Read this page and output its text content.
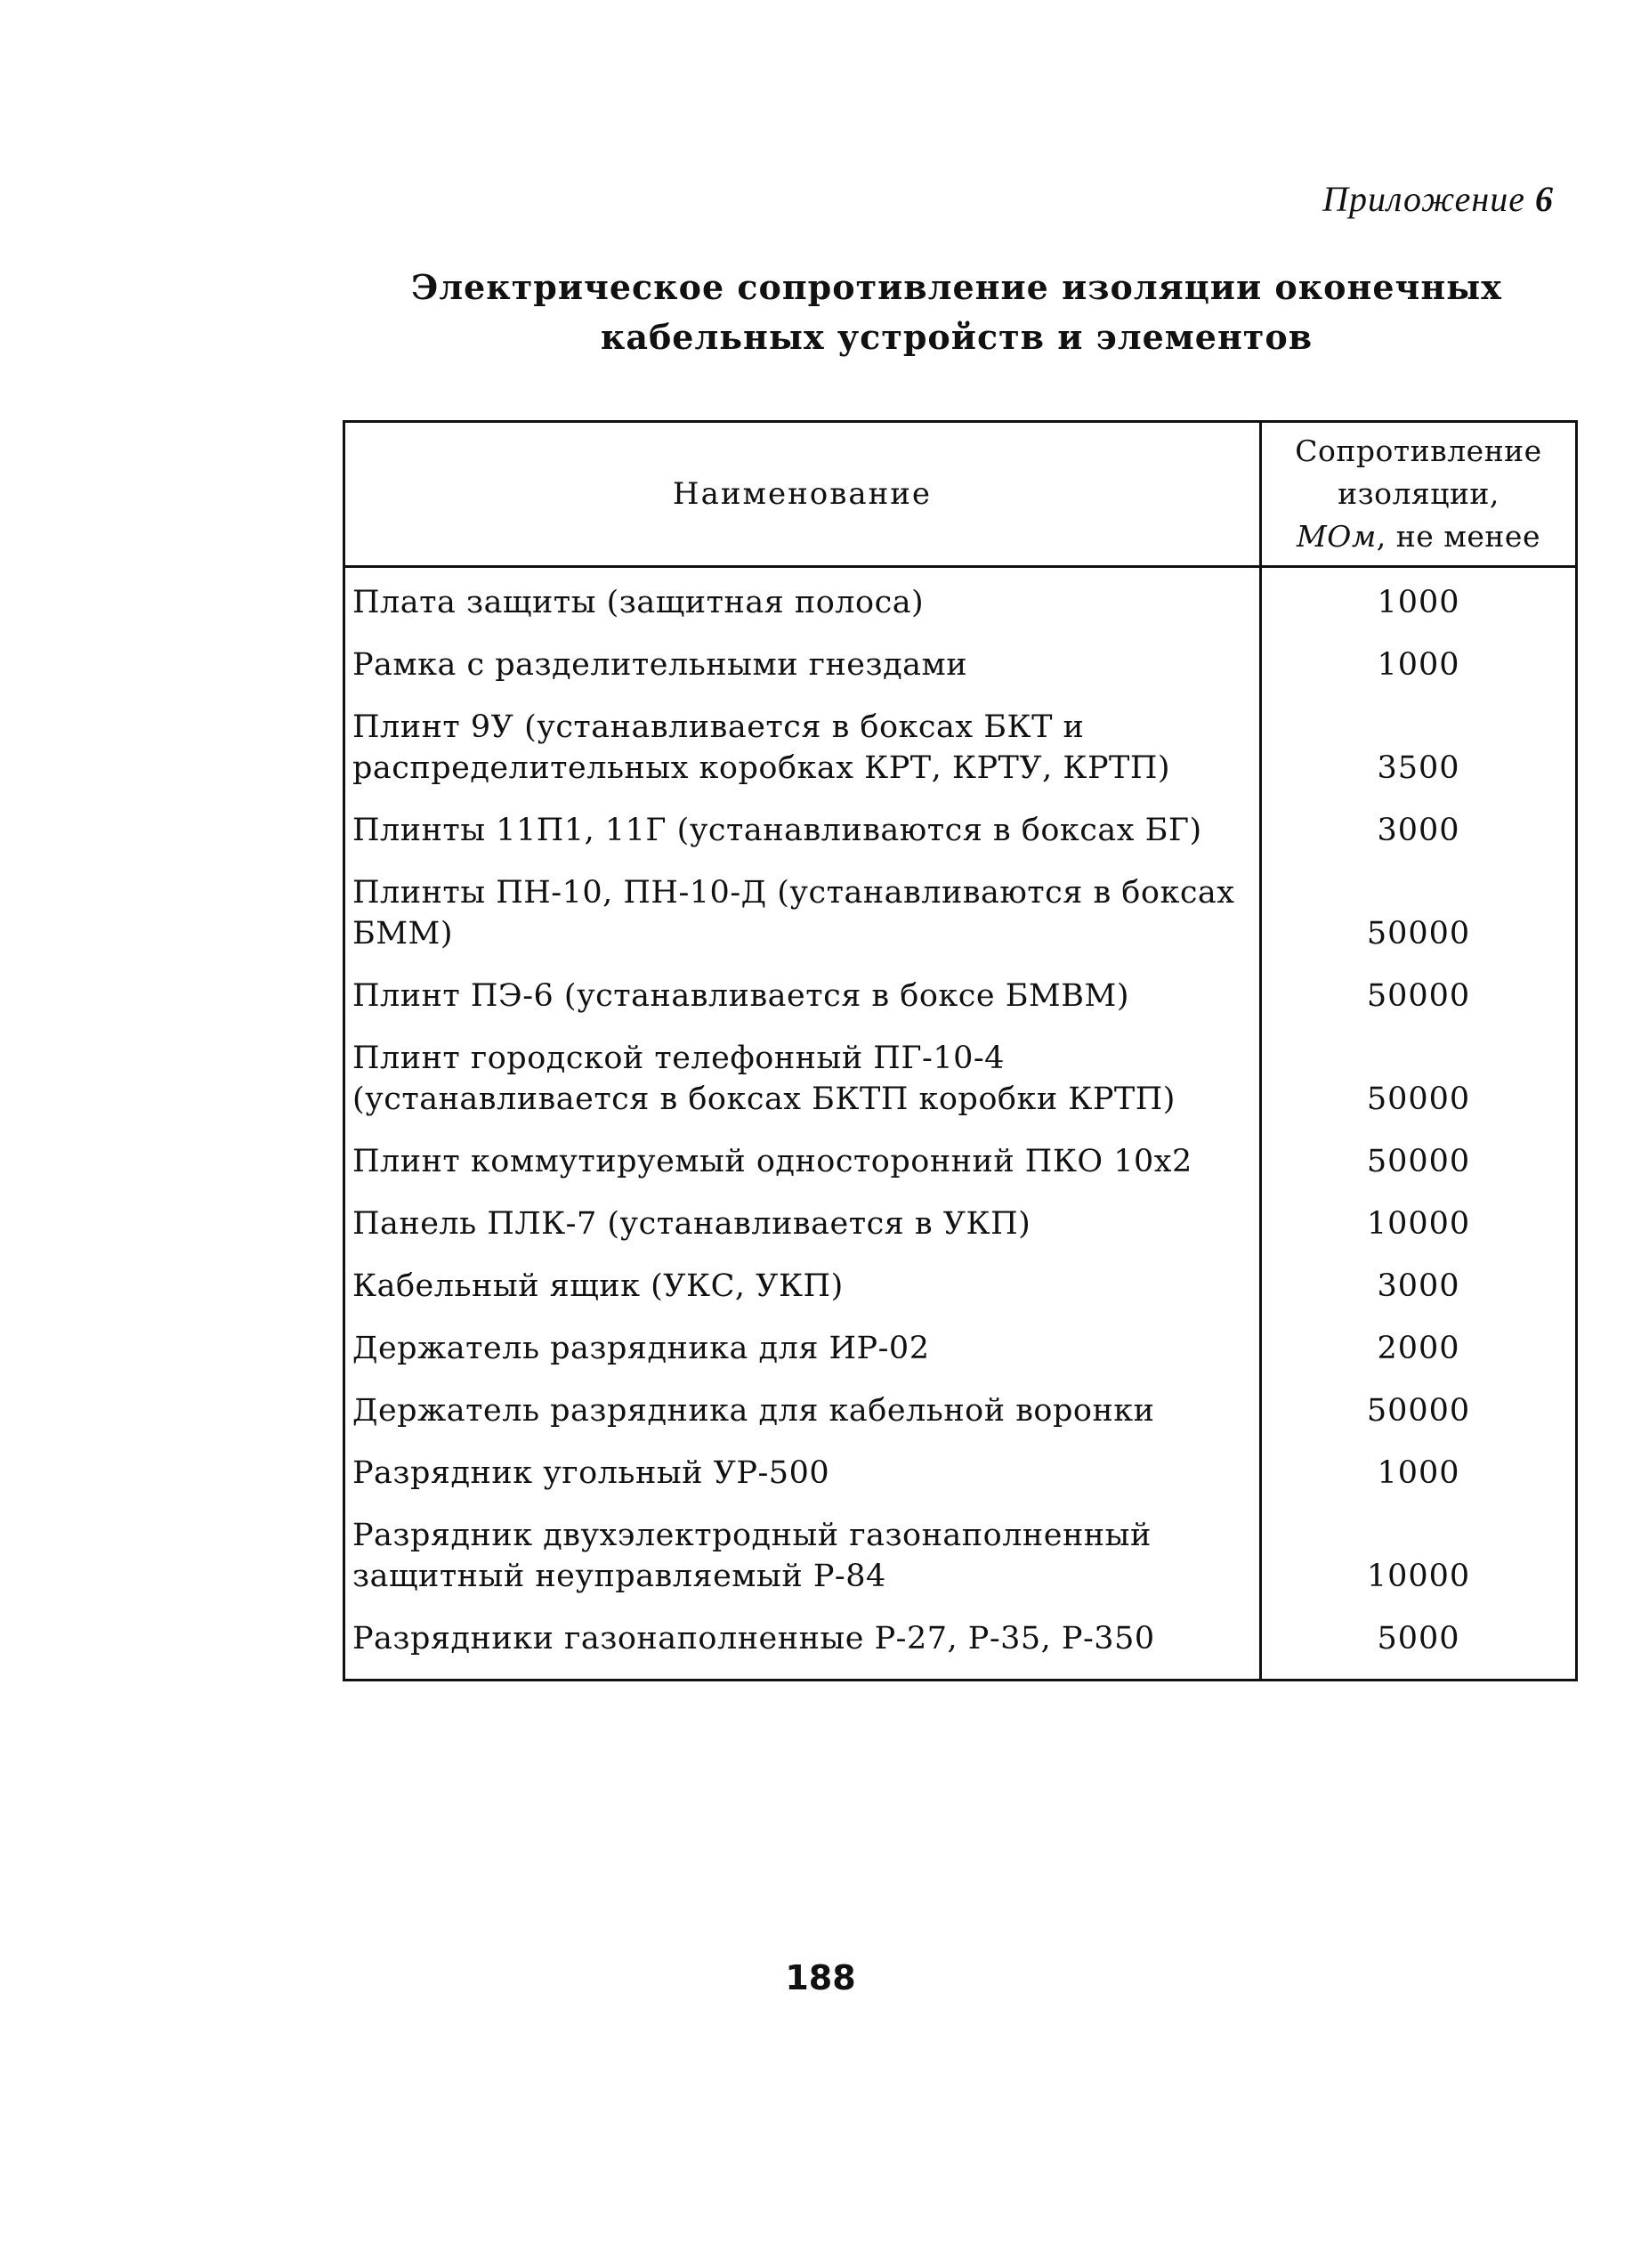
Приложение 6
Электрическое сопротивление изоляции оконечных
кабельных устройств и элементов
Наименование	Сопротивление
изоляции,
МОм, не менее

Плата защиты (защитная полоса)	1000
Рамка с разделительными гнездами	1000
Плинт 9У (устанавливается в боксах БКТ и распределительных коробках КРТ, КРТУ, КРТП)	3500
Плинты 11П1, 11Г (устанавливаются в боксах БГ)	3000
Плинты ПН-10, ПН-10-Д (устанавливаются в боксах БММ)	50000
Плинт ПЭ-6 (устанавливается в боксе БМВМ)	50000
Плинт городской телефонный ПГ-10-4 (устанавливается в боксах БКТП коробки КРТП)	50000
Плинт коммутируемый односторонний ПКО 10х2	50000
Панель ПЛК-7 (устанавливается в УКП)	10000
Кабельный ящик (УКС, УКП)	3000
Держатель разрядника для ИР-02	2000
Держатель разрядника для кабельной воронки	50000
Разрядник угольный УР-500	1000
Разрядник двухэлектродный газонаполненный защитный неуправляемый Р-84	10000
Разрядники газонаполненные Р-27, Р-35, Р-350	5000
188
